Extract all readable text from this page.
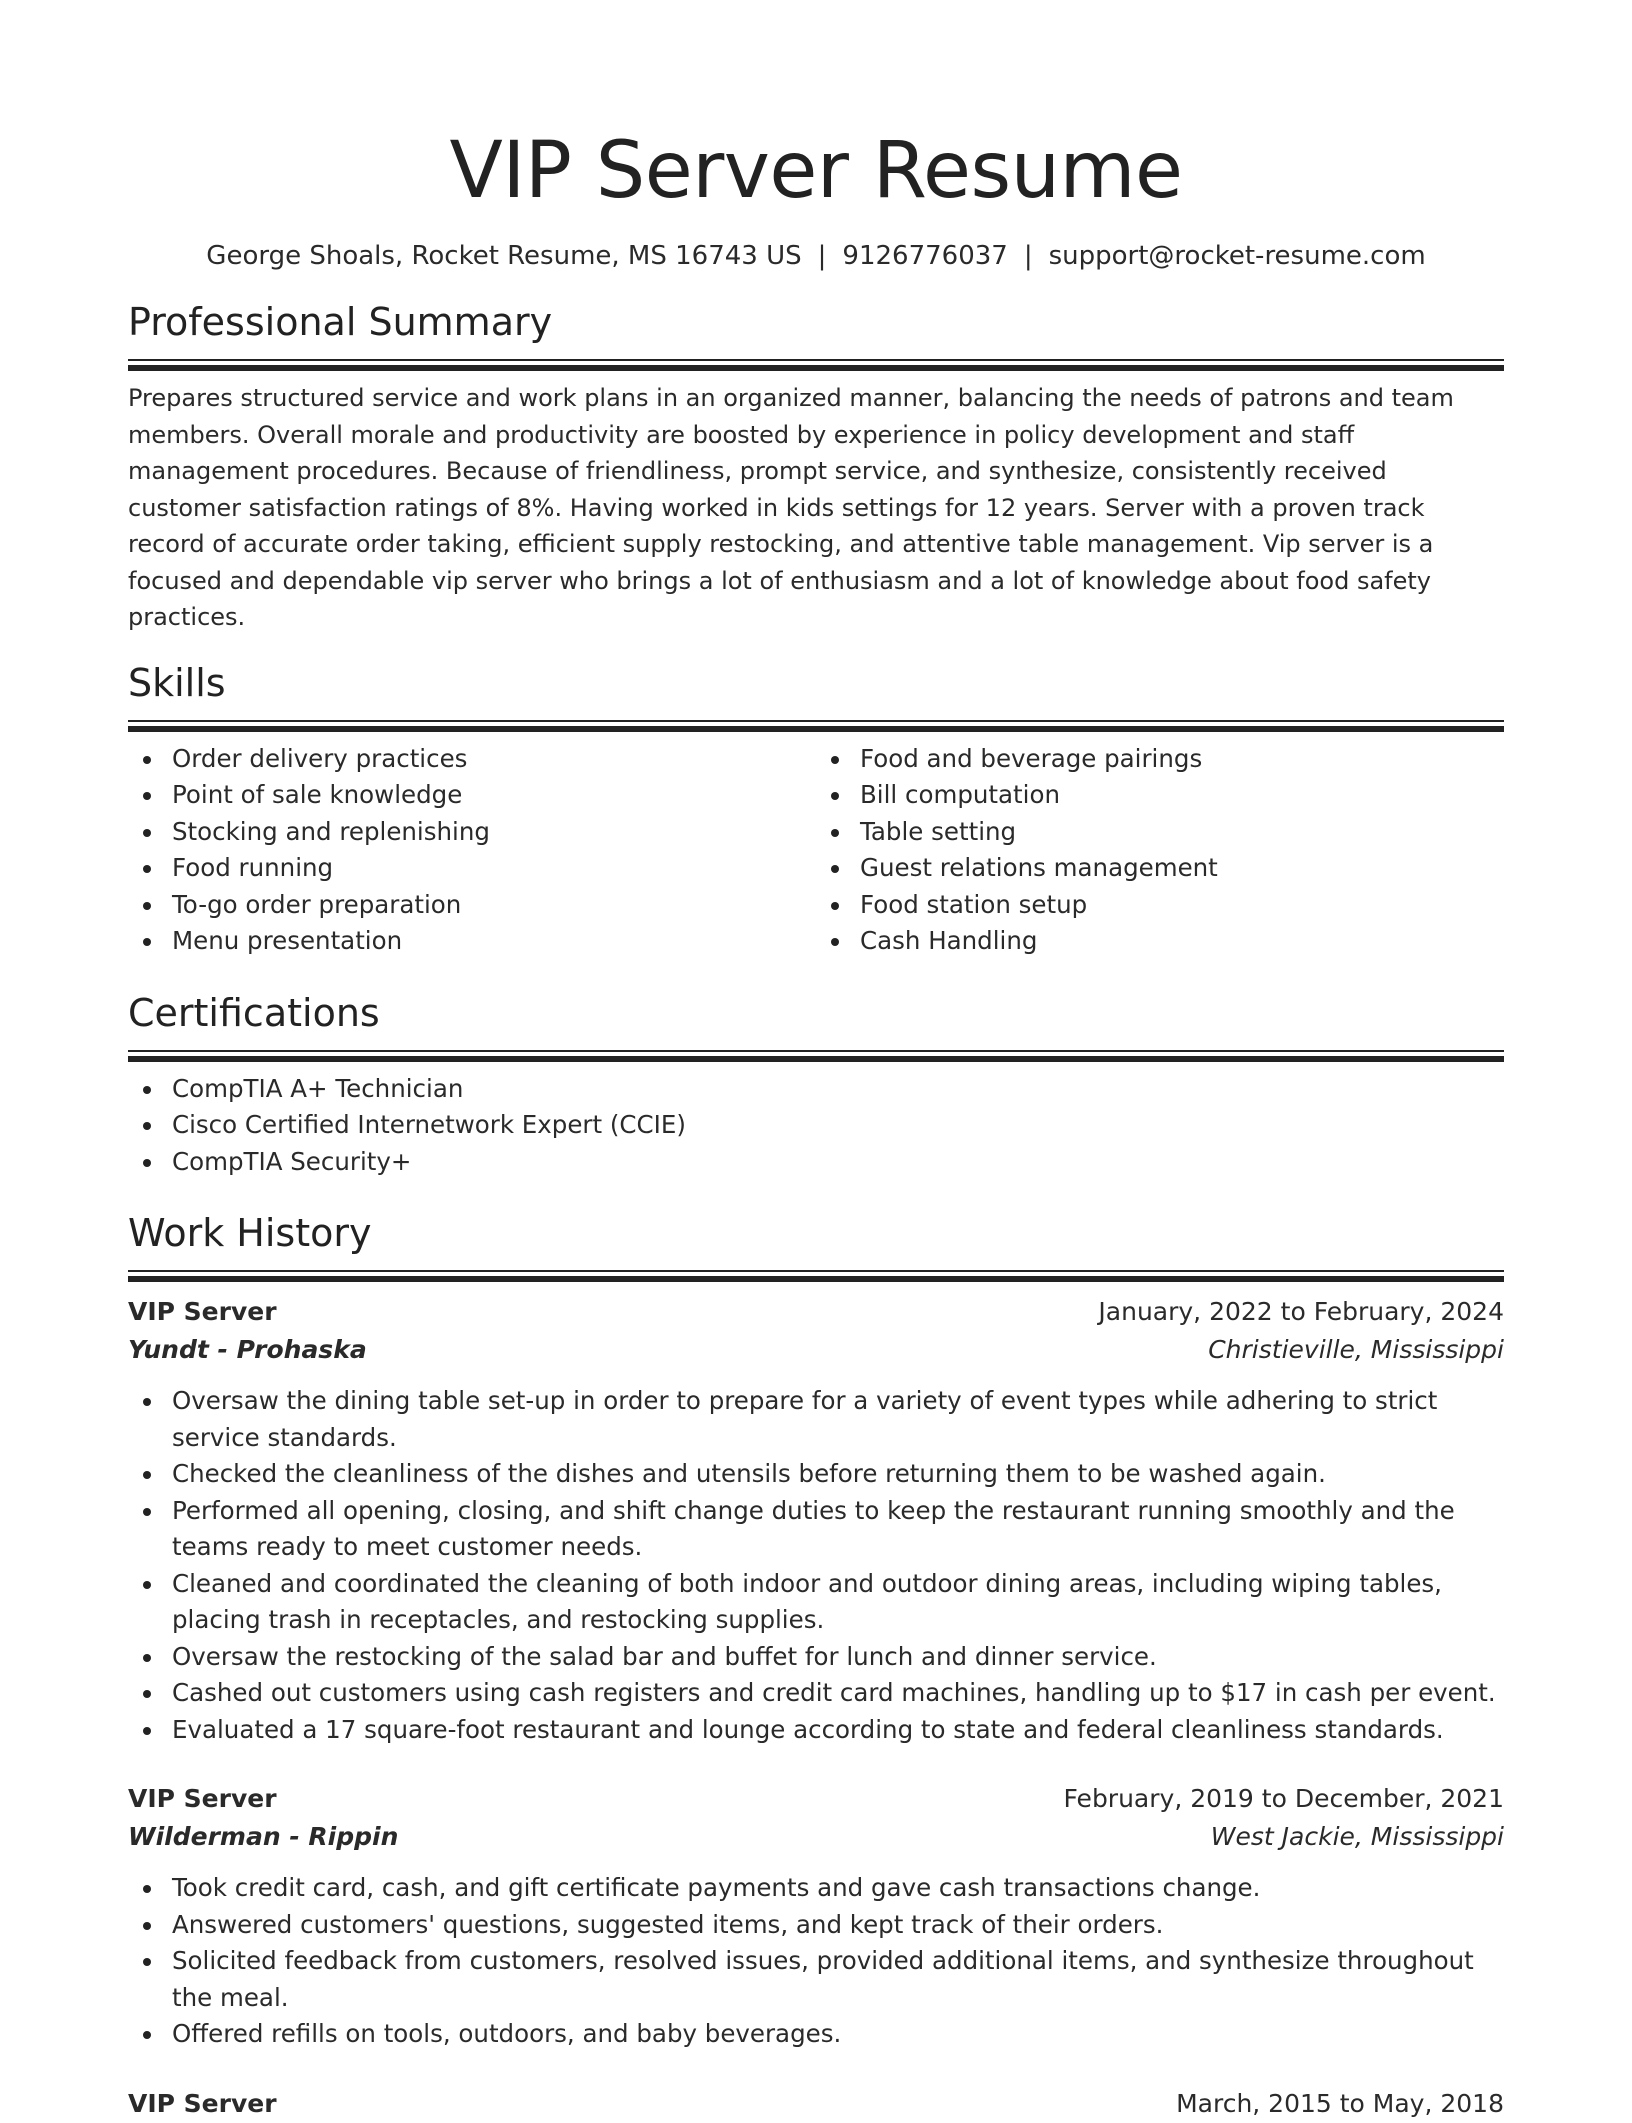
VIP Server Resume
George Shoals, Rocket Resume, MS 16743 US | 9126776037 | support@rocket-resume.com
Professional Summary

Prepares structured service and work plans in an organized manner, balancing the needs of patrons and team members. Overall morale and productivity are boosted by experience in policy development and staff management procedures. Because of friendliness, prompt service, and synthesize, consistently received customer satisfaction ratings of 8%. Having worked in kids settings for 12 years. Server with a proven track record of accurate order taking, efficient supply restocking, and attentive table management. Vip server is a focused and dependable vip server who brings a lot of enthusiasm and a lot of knowledge about food safety practices.

Skills
Order delivery practices
Point of sale knowledge
Stocking and replenishing
Food running
To-go order preparation
Menu presentation
Food and beverage pairings
Bill computation
Table setting
Guest relations management
Food station setup
Cash Handling
Certifications
CompTIA A+ Technician
Cisco Certified Internetwork Expert (CCIE)
CompTIA Security+
Work History
VIP Server	January, 2022 to February, 2024
Yundt - Prohaska	Christieville, Mississippi
Oversaw the dining table set-up in order to prepare for a variety of event types while adhering to strict service standards.
Checked the cleanliness of the dishes and utensils before returning them to be washed again.
Performed all opening, closing, and shift change duties to keep the restaurant running smoothly and the teams ready to meet customer needs.
Cleaned and coordinated the cleaning of both indoor and outdoor dining areas, including wiping tables, placing trash in receptacles, and restocking supplies.
Oversaw the restocking of the salad bar and buffet for lunch and dinner service.
Cashed out customers using cash registers and credit card machines, handling up to $17 in cash per event.
Evaluated a 17 square-foot restaurant and lounge according to state and federal cleanliness standards.
VIP Server	February, 2019 to December, 2021
Wilderman - Rippin	West Jackie, Mississippi
Took credit card, cash, and gift certificate payments and gave cash transactions change.
Answered customers' questions, suggested items, and kept track of their orders.
Solicited feedback from customers, resolved issues, provided additional items, and synthesize throughout the meal.
Offered refills on tools, outdoors, and baby beverages.
VIP Server	March, 2015 to May, 2018
